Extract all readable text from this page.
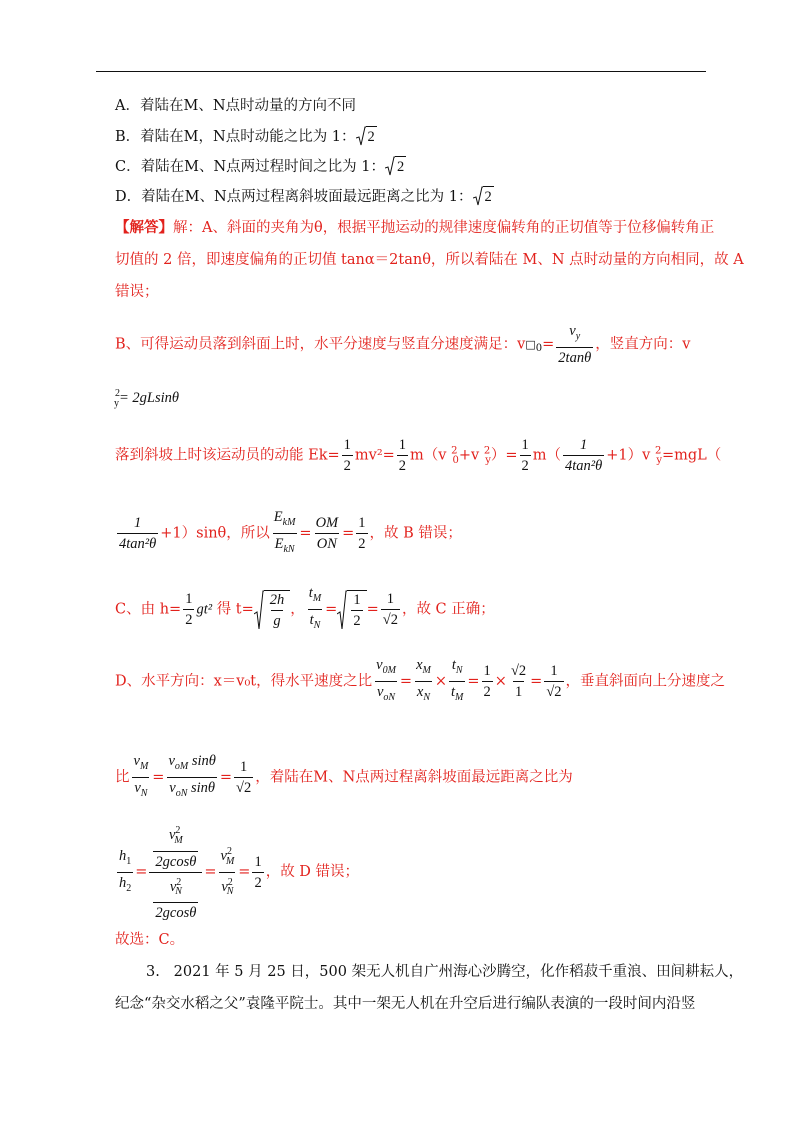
A．着陆在M、N点时动量的方向不同
B．着陆在M，N点时动能之比为 1： 2
C．着陆在M、N点两过程时间之比为 1： 2
D．着陆在M、N点两过程离斜坡面最远距离之比为 1： 2
【解答】解：A、斜面的夹角为θ，根据平抛运动的规律速度偏转角的正切值等于位移偏转角正
切值的 2 倍，即速度偏角的正切值 tanα＝2tanθ，所以着陆在 M、N 点时动量的方向相同，故 A
错误；
B、可得运动员落到斜面上时，水平分速度与竖直分速度满足：$v□_0= \frac{v_y}{2\tan\theta}$ ，竖直方向：v
$^2_y$= 2gLsinθ
落到斜坡上时该运动员的动能 $Ek= \frac{1}{2} mv^2= \frac{1}{2} m(v$ $^2_0$+v $^2_y)= \frac{1}{2} m( \frac{1}{\text{4tan²θ}} +1)v$ $^2_y$=mgL（
$\frac{1}{\text{4tan²θ}} +1)\sin\theta$，所以 $\frac{E_{kM}}{E_{kN}} = \frac{OM}{ON} = \frac{1}{2}$ ，故 B 错误；
C、由 $h= \frac{1}{2} gt^2$ 得 $t= \frac{2h}{g}$ ， $\frac{t_M}{t_N} = \frac{1}{2} = \frac{1}{√2}$ ，故 C 正确；
D、水平方向：x＝v₀t，得水平速度之比 $\frac{v_{0M}}{v_{oN}} = \frac{x_M}{x_N} \times \frac{t_N}{t_M} = \frac{1}{2} \times \frac{√2}{1} = \frac{1}{√2}$ ，垂直斜面向上分速度之
比 $\frac{v_M}{v_N} = \frac{v_{oM} \sin\theta}{v_{oN} \sin\theta} = \frac{1}{√2}$ ，着陆在M、N点两过程离斜坡面最远距离之比为
$\frac{h_1}{h_2} = \frac{\frac{v^2_M}{2gcos\theta}}{\frac{v^2_N}{2gcos\theta}} = \frac{v^2_M}{v^2_N} = \frac{1}{2}$ ，故 D 错误；
故选：C。
3. 2021 年 5 月 25 日，500 架无人机自广州海心沙腾空，化作稻菽千重浪、田间耕耘人，
纪念“杂交水稻之父”袁隆平院士。其中一架无人机在升空后进行编队表演的一段时间内沿竖
